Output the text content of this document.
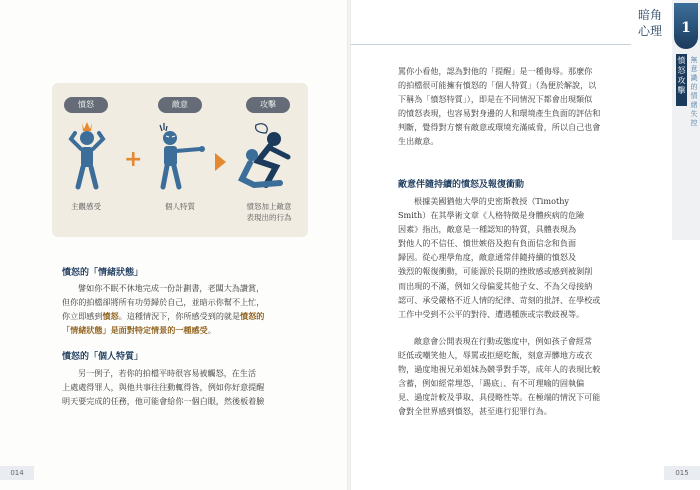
暗角
心理	1
憤
怒
攻
擊
無
意
識
的
情
緒
失
控
憤怒	敵意	攻擊
+
主觀感受	個人特質	憤怒加上敵意
表現出的行為
憤怒的「情緒狀態」
譬如你不眠不休地完成一份計劃書，老闆大為讚賞，
但你的拍檔卻將所有功勞歸於自己，並暗示你幫不上忙，
你立即感到憤怒。這種情況下，你所感受到的就是憤怒的
「情緒狀態」是面對特定情景的一種感受。
憤怒的「個人特質」
另一例子，若你的拍檔平時很容易被觸怒，在生活
上處處得罪人，與他共事往往動輒得咎，例如你好意提醒
明天要完成的任務，他可能會給你一個白眼，然後板着臉
罵你小看他，認為對他的「提醒」是一種侮辱。那麼你
的拍檔很可能擁有憤怒的「個人特質」（為便於解說，以
下稱為「憤怒特質」），即是在不同情況下都會出現類似
的憤怒表現，也容易對身邊的人和環境產生負面的評估和
判斷，覺得對方懷有敵意或環境充滿威脅，所以自己也會
生出敵意。
敵意伴隨持續的憤怒及報復衝動
根據美國猶他大學的史密斯教授（Timothy
Smith）在其學術文章《人格特徵是身體疾病的危險
因素》指出，敵意是一種認知的特質，具體表現為
對他人的不信任、憤世嫉俗及抱有負面信念和負面
歸因。從心理學角度，敵意通常伴隨持續的憤怒及
強烈的報復衝動，可能源於長期的挫敗感或感到被剝削
而出現的不滿，例如父母偏愛其他子女、不為父母接納
認可、承受嚴格不近人情的紀律、苛刻的批評、在學校或
工作中受到不公平的對待、遭遇種族或宗教歧視等。
敵意會公開表現在行動或態度中，例如孩子會經常
眨低或嘲笑他人，辱罵或拒絕吃飯，刻意弄髒地方或衣
物，過度地視兄弟姐妹為競爭對手等，成年人的表現比較
含蓄，例如經常埋怨、「踢底」、有不可理喻的固執偏
見、過度計較及爭取、具侵略性等。在極端的情況下可能
會對全世界感到憤怒，甚至進行犯罪行為。
014	015
